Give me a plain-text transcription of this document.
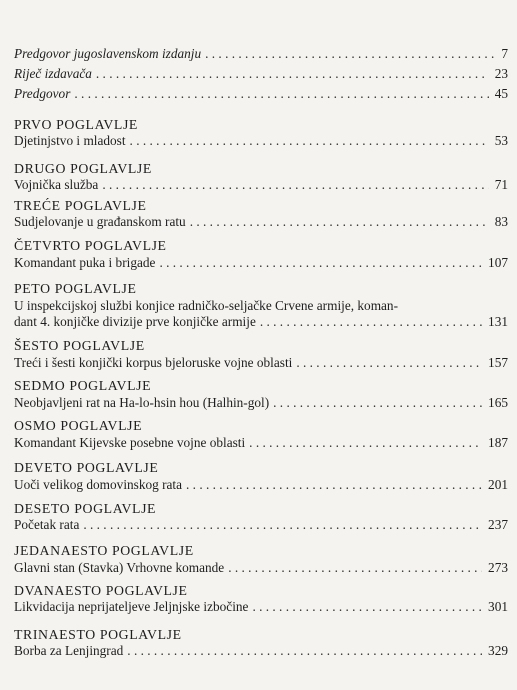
Predgovor jugoslavenskom izdanju . . .	7
Riječ izdavača . . .	23
Predgovor . . .	45
PRVO POGLAVLJE
Djetinjstvo i mladost . . .	53
DRUGO POGLAVLJE
Vojnička služba . . .	71
TREĆE POGLAVLJE
Sudjelovanje u građanskom ratu . . .	83
ČETVRTO POGLAVLJE
Komandant puka i brigade . . .	107
PETO POGLAVLJE
U inspekcijskoj službi konjice radničko-seljačke Crvene armije, koman-
dant 4. konjičke divizije prve konjičke armije . . .	131
ŠESTO POGLAVLJE
Treći i šesti konjički korpus bjeloruske vojne oblasti . . .	157
SEDMO POGLAVLJE
Neobjavljeni rat na Ha-lo-hsin hou (Halhin-gol) . . .	165
OSMO POGLAVLJE
Komandant Kijevske posebne vojne oblasti . . .	187
DEVETO POGLAVLJE
Uoči velikog domovinskog rata . . .	201
DESETO POGLAVLJE
Početak rata . . .	237
JEDANAESTO POGLAVLJE
Glavni stan (Stavka) Vrhovne komande . . .	273
DVANAESTO POGLAVLJE
Likvidacija neprijateljeve Jeljnjske izbočine . . .	301
TRINAESTO POGLAVLJE
Borba za Lenjingrad . . .	329
